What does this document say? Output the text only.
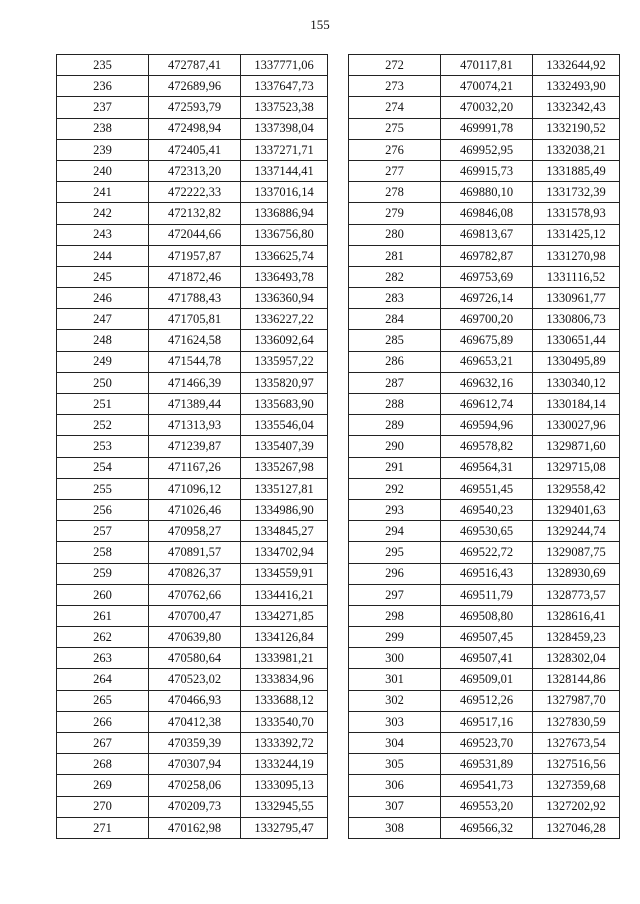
155
235	472787,41	1337771,06
236	472689,96	1337647,73
237	472593,79	1337523,38
238	472498,94	1337398,04
239	472405,41	1337271,71
240	472313,20	1337144,41
241	472222,33	1337016,14
242	472132,82	1336886,94
243	472044,66	1336756,80
244	471957,87	1336625,74
245	471872,46	1336493,78
246	471788,43	1336360,94
247	471705,81	1336227,22
248	471624,58	1336092,64
249	471544,78	1335957,22
250	471466,39	1335820,97
251	471389,44	1335683,90
252	471313,93	1335546,04
253	471239,87	1335407,39
254	471167,26	1335267,98
255	471096,12	1335127,81
256	471026,46	1334986,90
257	470958,27	1334845,27
258	470891,57	1334702,94
259	470826,37	1334559,91
260	470762,66	1334416,21
261	470700,47	1334271,85
262	470639,80	1334126,84
263	470580,64	1333981,21
264	470523,02	1333834,96
265	470466,93	1333688,12
266	470412,38	1333540,70
267	470359,39	1333392,72
268	470307,94	1333244,19
269	470258,06	1333095,13
270	470209,73	1332945,55
271	470162,98	1332795,47
272	470117,81	1332644,92
273	470074,21	1332493,90
274	470032,20	1332342,43
275	469991,78	1332190,52
276	469952,95	1332038,21
277	469915,73	1331885,49
278	469880,10	1331732,39
279	469846,08	1331578,93
280	469813,67	1331425,12
281	469782,87	1331270,98
282	469753,69	1331116,52
283	469726,14	1330961,77
284	469700,20	1330806,73
285	469675,89	1330651,44
286	469653,21	1330495,89
287	469632,16	1330340,12
288	469612,74	1330184,14
289	469594,96	1330027,96
290	469578,82	1329871,60
291	469564,31	1329715,08
292	469551,45	1329558,42
293	469540,23	1329401,63
294	469530,65	1329244,74
295	469522,72	1329087,75
296	469516,43	1328930,69
297	469511,79	1328773,57
298	469508,80	1328616,41
299	469507,45	1328459,23
300	469507,41	1328302,04
301	469509,01	1328144,86
302	469512,26	1327987,70
303	469517,16	1327830,59
304	469523,70	1327673,54
305	469531,89	1327516,56
306	469541,73	1327359,68
307	469553,20	1327202,92
308	469566,32	1327046,28
